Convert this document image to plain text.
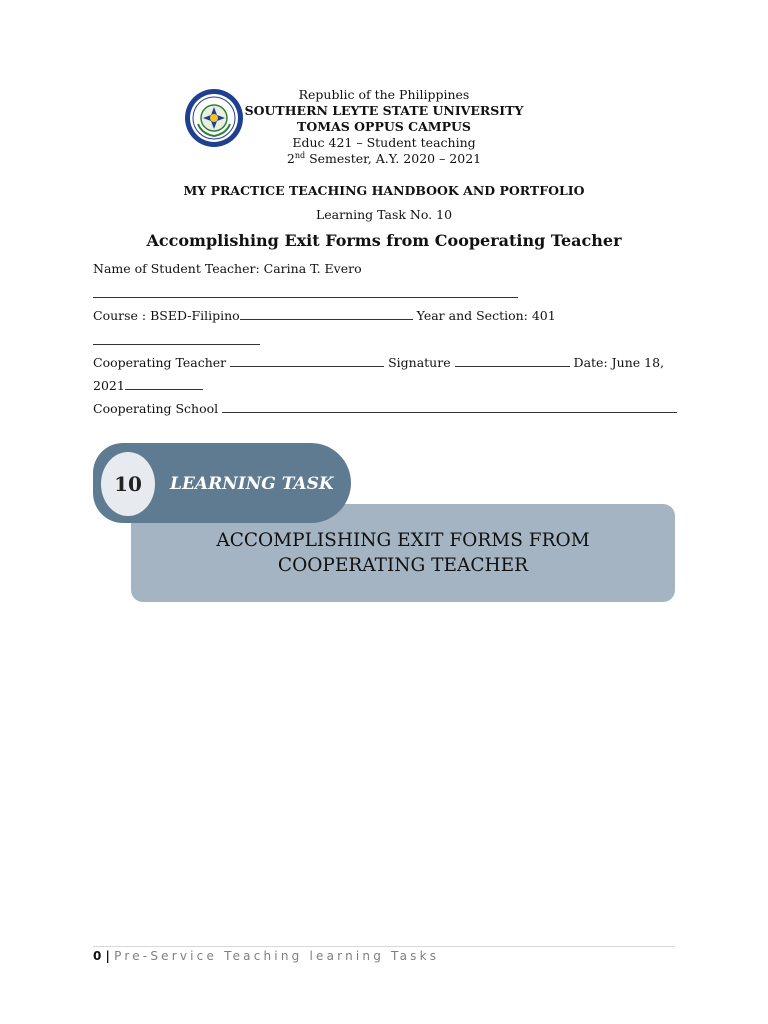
Republic of the Philippines
SOUTHERN LEYTE STATE UNIVERSITY
TOMAS OPPUS CAMPUS
Educ 421 – Student teaching
2nd Semester, A.Y. 2020 – 2021
MY PRACTICE TEACHING HANDBOOK AND PORTFOLIO
Learning Task No. 10
Accomplishing Exit Forms from Cooperating Teacher
Name of Student Teacher: Carina T. Evero
Course : BSED-Filipino	Year and Section: 401
Cooperating Teacher	Signature	Date: June 18,
2021
Cooperating School
10	LEARNING TASK
ACCOMPLISHING EXIT FORMS FROM
COOPERATING TEACHER
0 | Pre-Service Teaching learning Tasks
